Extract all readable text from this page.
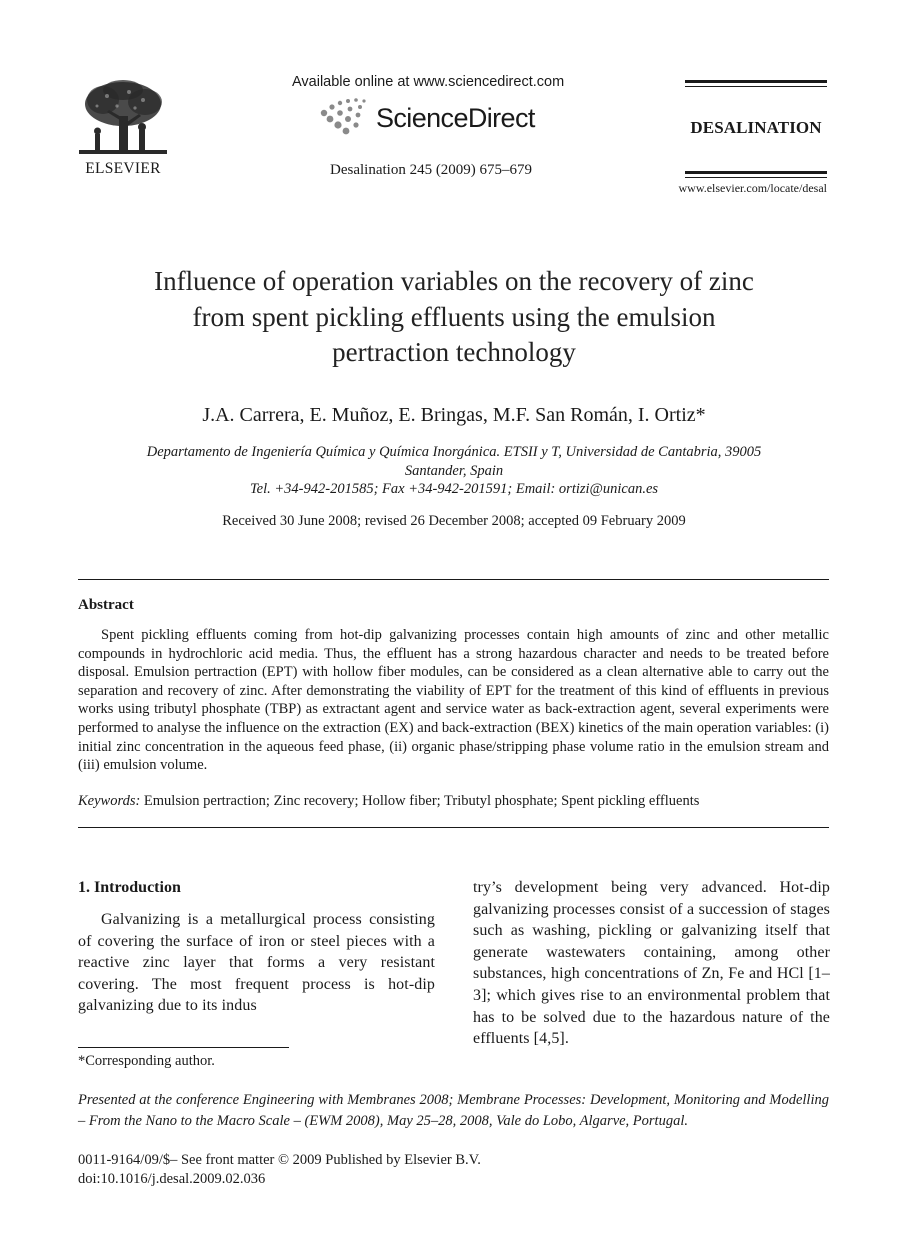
ELSEVIER
Available online at www.sciencedirect.com
ScienceDirect
Desalination 245 (2009) 675–679
DESALINATION
www.elsevier.com/locate/desal
Influence of operation variables on the recovery of zinc
from spent pickling effluents using the emulsion
pertraction technology
J.A. Carrera, E. Muñoz, E. Bringas, M.F. San Román, I. Ortiz*
Departamento de Ingeniería Química y Química Inorgánica. ETSII y T, Universidad de Cantabria, 39005
Santander, Spain
Tel. +34-942-201585; Fax +34-942-201591; Email: ortizi@unican.es
Received 30 June 2008; revised 26 December 2008; accepted 09 February 2009
Abstract
Spent pickling effluents coming from hot-dip galvanizing processes contain high amounts of zinc and other metallic compounds in hydrochloric acid media. Thus, the effluent has a strong hazardous character and needs to be treated before disposal. Emulsion pertraction (EPT) with hollow fiber modules, can be considered as a clean alternative able to carry out the separation and recovery of zinc. After demonstrating the viability of EPT for the treatment of this kind of effluents in previous works using tributyl phosphate (TBP) as extractant agent and service water as back-extraction agent, several experiments were performed to analyse the influence on the extraction (EX) and back-extraction (BEX) kinetics of the main operation variables: (i) initial zinc concentration in the aqueous feed phase, (ii) organic phase/stripping phase volume ratio in the emulsion stream and (iii) emulsion volume.
Keywords: Emulsion pertraction; Zinc recovery; Hollow fiber; Tributyl phosphate; Spent pickling effluents
1. Introduction
Galvanizing is a metallurgical process consisting of covering the surface of iron or steel pieces with a reactive zinc layer that forms a very resistant covering. The most frequent process is hot-dip galvanizing due to its indus
try’s development being very advanced. Hot-dip galvanizing processes consist of a succession of stages such as washing, pickling or galvanizing itself that generate wastewaters containing, among other substances, high concentrations of Zn, Fe and HCl [1–3]; which gives rise to an environmental problem that has to be solved due to the hazardous nature of the effluents [4,5].
*Corresponding author.
Presented at the conference Engineering with Membranes 2008; Membrane Processes: Development, Monitoring and Modelling – From the Nano to the Macro Scale – (EWM 2008), May 25–28, 2008, Vale do Lobo, Algarve, Portugal.
0011-9164/09/$– See front matter © 2009 Published by Elsevier B.V.
doi:10.1016/j.desal.2009.02.036
